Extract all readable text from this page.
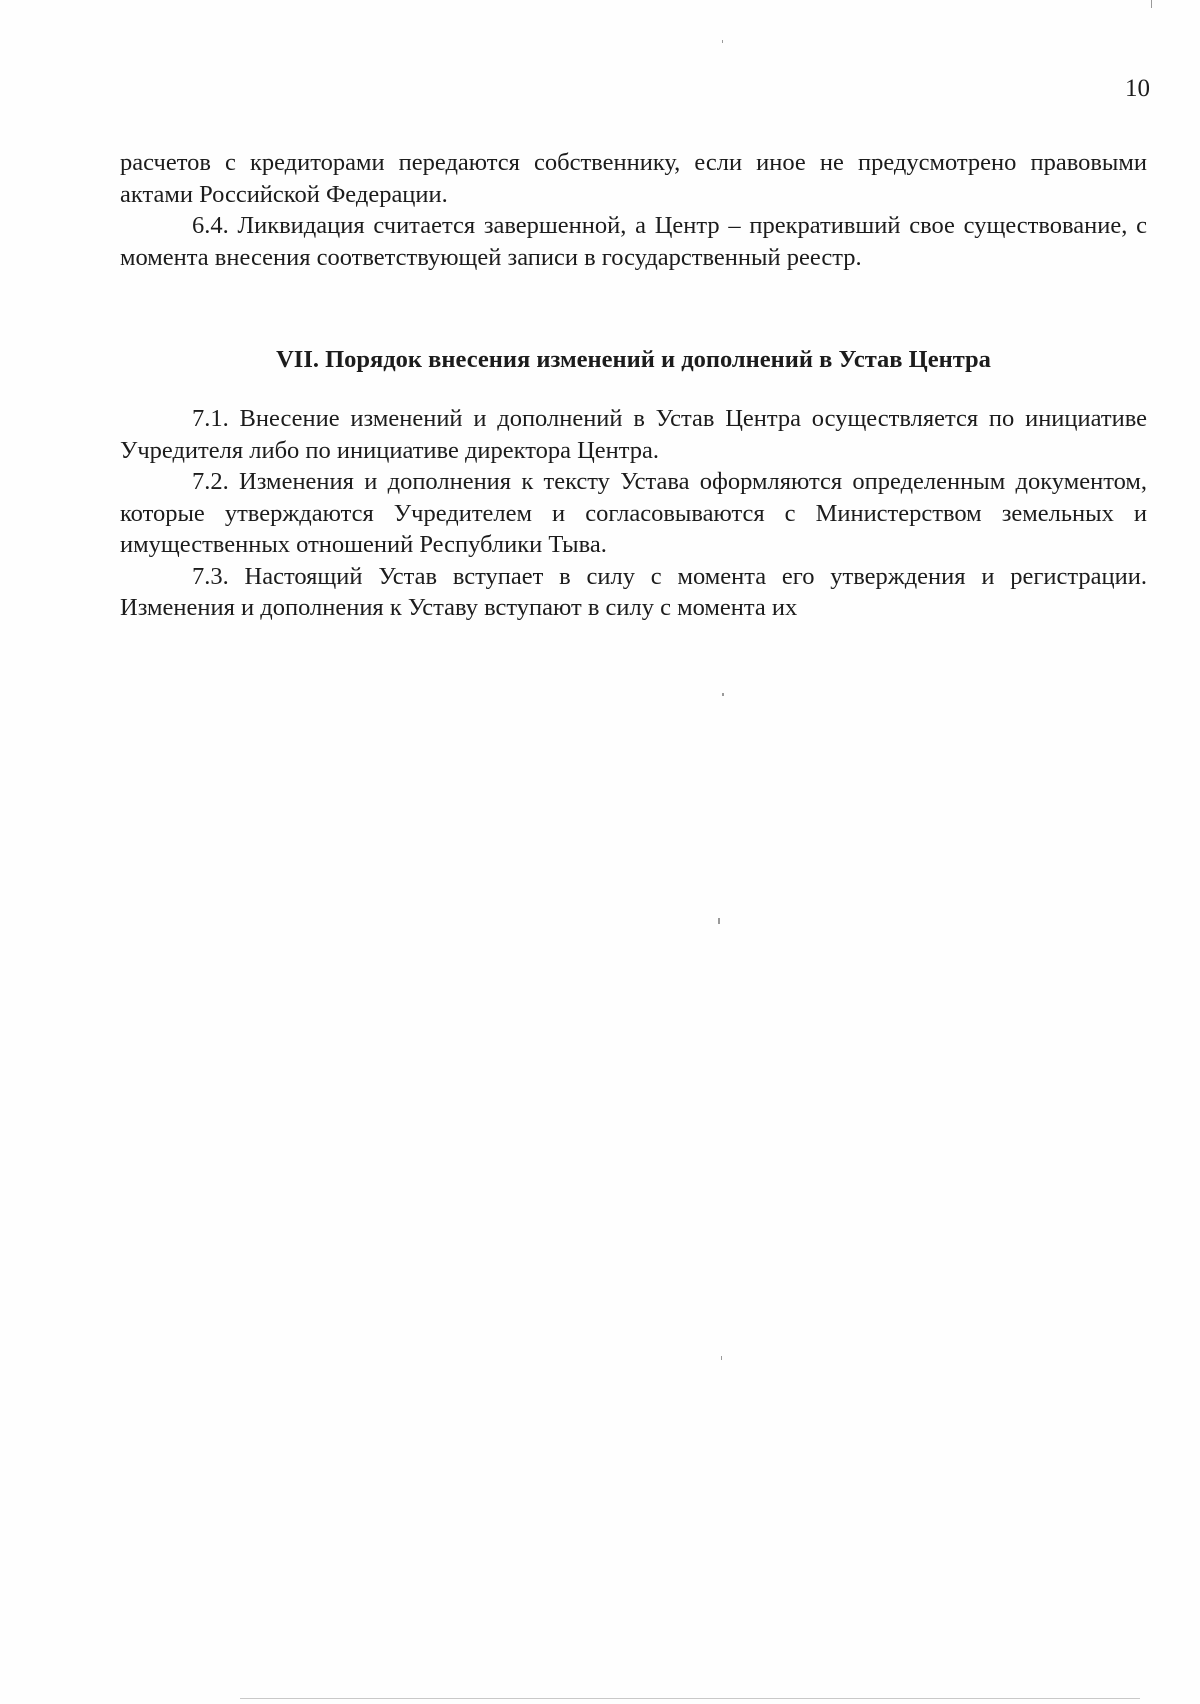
10

расчетов с кредиторами передаются собственнику, если иное не предусмотрено правовыми актами Российской Федерации.

6.4. Ликвидация считается завершенной, а Центр – прекративший свое существование, с момента внесения соответствующей записи в государственный реестр.

VII. Порядок внесения изменений и дополнений в Устав Центра

7.1. Внесение изменений и дополнений в Устав Центра осуществляется по инициативе Учредителя либо по инициативе директора Центра.

7.2. Изменения и дополнения к тексту Устава оформляются определенным документом, которые утверждаются Учредителем и согласовываются с Министерством земельных и имущественных отношений Республики Тыва.

7.3. Настоящий Устав вступает в силу с момента его утверждения и регистрации. Изменения и дополнения к Уставу вступают в силу с момента их
